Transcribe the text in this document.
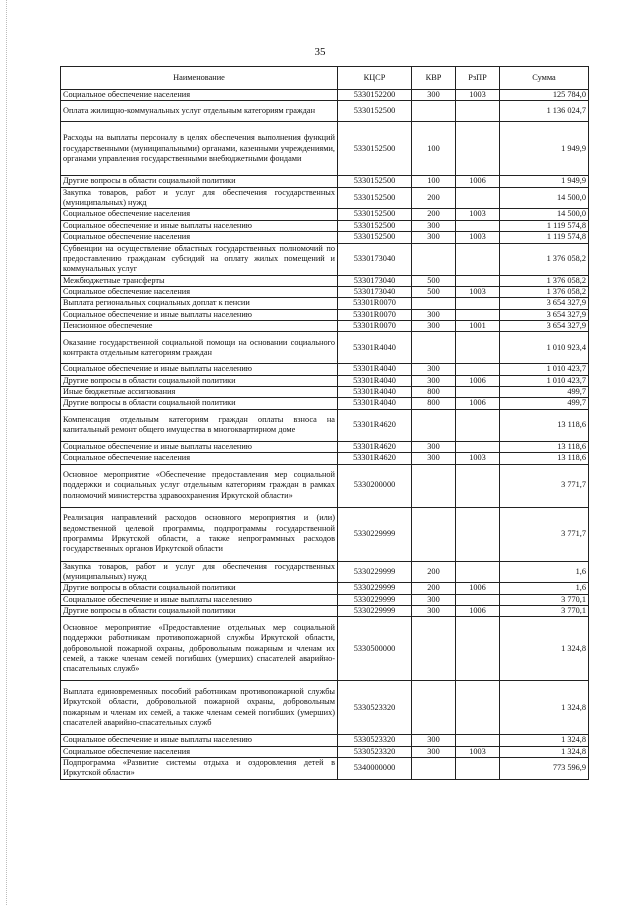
35
Наименование	КЦСР	КВР	РзПР	Сумма
Социальное обеспечение населения	5330152200	300	1003	125 784,0
Оплата жилищно-коммунальных услуг отдельным категориям граждан	5330152500			1 136 024,7
Расходы на выплаты персоналу в целях обеспечения выполнения функций государственными (муниципальными) органами, казенными учреждениями, органами управления государственными внебюджетными фондами	5330152500	100		1 949,9
Другие вопросы в области социальной политики	5330152500	100	1006	1 949,9
Закупка товаров, работ и услуг для обеспечения государственных (муниципальных) нужд	5330152500	200		14 500,0
Социальное обеспечение населения	5330152500	200	1003	14 500,0
Социальное обеспечение и иные выплаты населению	5330152500	300		1 119 574,8
Социальное обеспечение населения	5330152500	300	1003	1 119 574,8
Субвенции на осуществление областных государственных полномочий по предоставлению гражданам субсидий на оплату жилых помещений и коммунальных услуг	5330173040			1 376 058,2
Межбюджетные трансферты	5330173040	500		1 376 058,2
Социальное обеспечение населения	5330173040	500	1003	1 376 058,2
Выплата региональных социальных доплат к пенсии	53301R0070			3 654 327,9
Социальное обеспечение и иные выплаты населению	53301R0070	300		3 654 327,9
Пенсионное обеспечение	53301R0070	300	1001	3 654 327,9
Оказание государственной социальной помощи на основании социального контракта отдельным категориям граждан	53301R4040			1 010 923,4
Социальное обеспечение и иные выплаты населению	53301R4040	300		1 010 423,7
Другие вопросы в области социальной политики	53301R4040	300	1006	1 010 423,7
Иные бюджетные ассигнования	53301R4040	800		499,7
Другие вопросы в области социальной политики	53301R4040	800	1006	499,7
Компенсация отдельным категориям граждан оплаты взноса на капитальный ремонт общего имущества в многоквартирном доме	53301R4620			13 118,6
Социальное обеспечение и иные выплаты населению	53301R4620	300		13 118,6
Социальное обеспечение населения	53301R4620	300	1003	13 118,6
Основное мероприятие «Обеспечение предоставления мер социальной поддержки и социальных услуг отдельным категориям граждан в рамках полномочий министерства здравоохранения Иркутской области»	5330200000			3 771,7
Реализация направлений расходов основного мероприятия и (или) ведомственной целевой программы, подпрограммы государственной программы Иркутской области, а также непрограммных расходов государственных органов Иркутской области	5330229999			3 771,7
Закупка товаров, работ и услуг для обеспечения государственных (муниципальных) нужд	5330229999	200		1,6
Другие вопросы в области социальной политики	5330229999	200	1006	1,6
Социальное обеспечение и иные выплаты населению	5330229999	300		3 770,1
Другие вопросы в области социальной политики	5330229999	300	1006	3 770,1
Основное мероприятие «Предоставление отдельных мер социальной поддержки работникам противопожарной службы Иркутской области, добровольной пожарной охраны, добровольным пожарным и членам их семей, а также членам семей погибших (умерших) спасателей аварийно-спасательных служб»	5330500000			1 324,8
Выплата единовременных пособий работникам противопожарной службы Иркутской области, добровольной пожарной охраны, добровольным пожарным и членам их семей, а также членам семей погибших (умерших) спасателей аварийно-спасательных служб	5330523320			1 324,8
Социальное обеспечение и иные выплаты населению	5330523320	300		1 324,8
Социальное обеспечение населения	5330523320	300	1003	1 324,8
Подпрограмма «Развитие системы отдыха и оздоровления детей в Иркутской области»	5340000000			773 596,9
